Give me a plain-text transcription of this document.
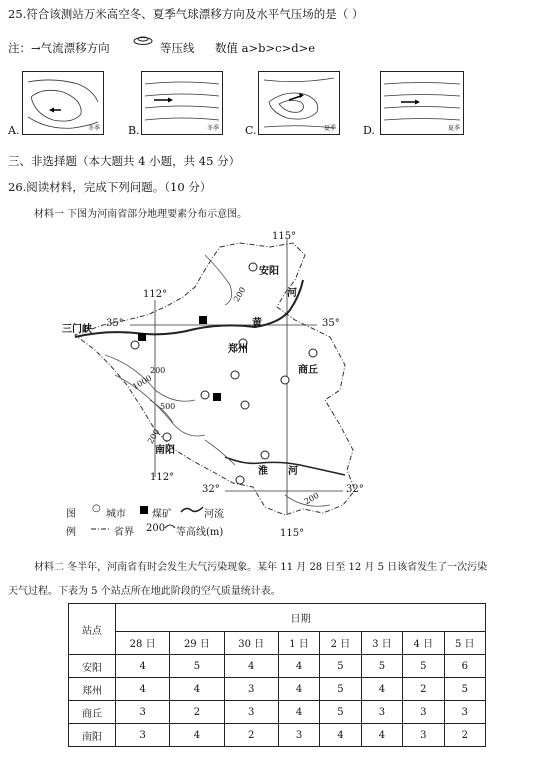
25.符合该测站万米高空冬、夏季气球漂移方向及水平气压场的是（ ）
注：→气流漂移方向	等压线 数值 a>b>c>d>e
A.	冬季	B.	冬季 C.	夏季 D.	夏季
三、非选择题（本大题共 4 小题，共 45 分）
26.阅读材料，完成下列问题。（10 分）
材料一 下图为河南省部分地理要素分布示意图。
115°
112°
35°	35°
32°	32°
112°
115°
安阳
郑州
商丘
南阳
三门峡
黄
河
淮 河
200
200
1000
500
200
200
图
例
○
城市	煤矿	河流
省界 200 等高线(m)
材料二 冬半年，河南省有时会发生大气污染现象。某年 11 月 28 日至 12 月 5 日该省发生了一次污染
天气过程。下表为 5 个站点所在地此阶段的空气质量统计表。
站点	日期							
	28 日	29 日	30 日	1 日	2 日	3 日	4 日	5 日
安阳	4	5	4	4	5	5	5	6
郑州	4	4	3	4	5	4	2	5
商丘	3	2	3	4	5	3	3	3
南阳	3	4	2	3	4	4	3	2
